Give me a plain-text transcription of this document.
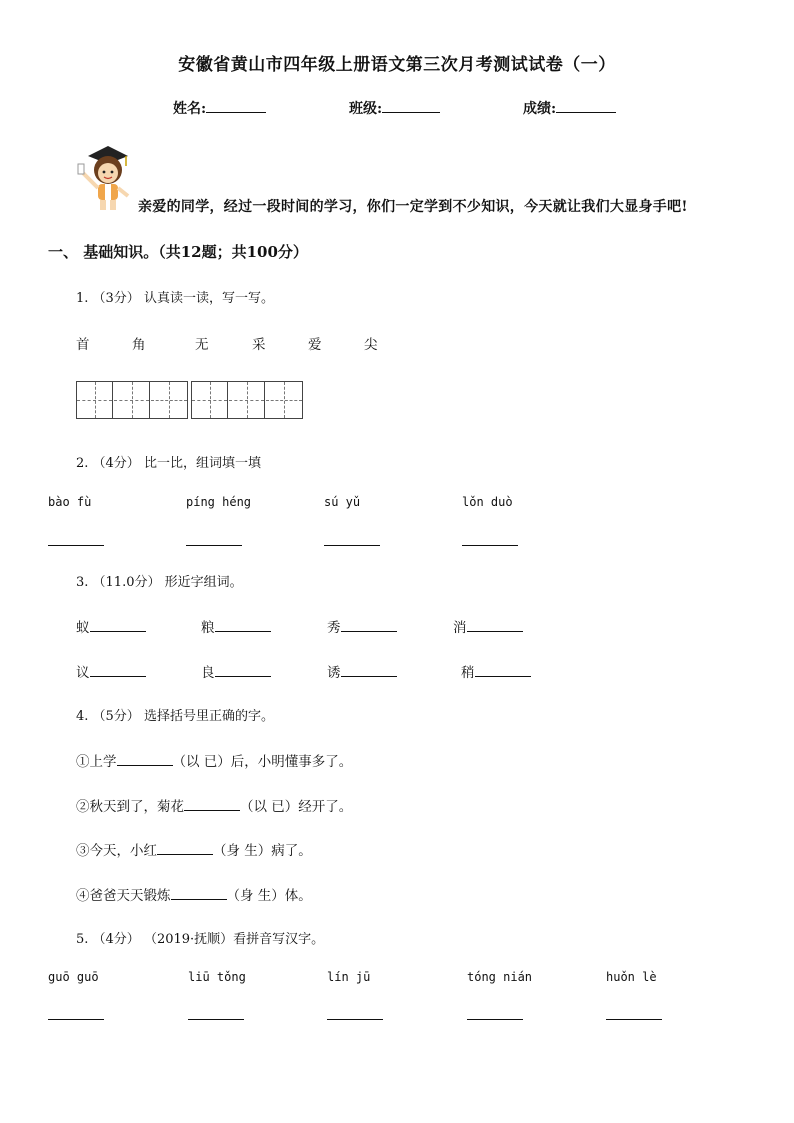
安徽省黄山市四年级上册语文第三次月考测试试卷（一）
姓名:	班级:	成绩:
亲爱的同学，经过一段时间的学习，你们一定学到不少知识，今天就让我们大显身手吧!
一、 基础知识。（共12题；共100分）
1. （3分） 认真读一读，写一写。
首	角	无	采	爱	尖
2. （4分） 比一比，组词填一填
bào fù	píng héng	sú yǔ	lǒn duò
3. （11.0分） 形近字组词。
蚁	粮	秀	消
议	良	诱	稍
4. （5分） 选择括号里正确的字。
①上学	（以 已）后，小明懂事多了。
②秋天到了，菊花	（以 已）经开了。
③今天，小红	（身 生）病了。
④爸爸天天锻炼	（身 生）体。
5. （4分） （2019·抚顺）看拼音写汉字。
guō guō	liū tǒng	lín jū	tóng nián	huǒn lè
